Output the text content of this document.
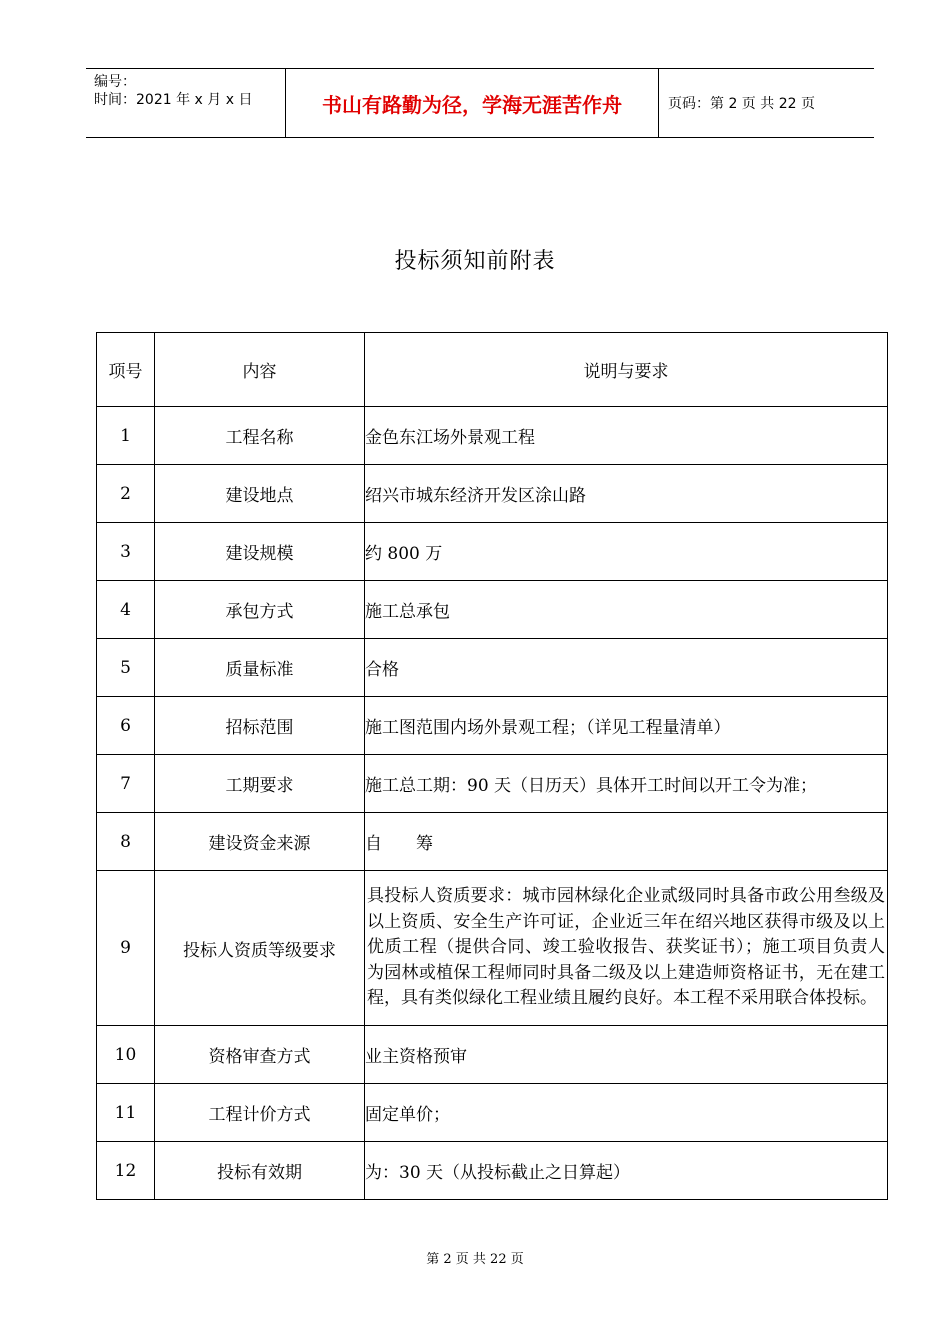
编号：
时间：2021 年 x 月 x 日	书山有路勤为径，学海无涯苦作舟	页码：第 2 页 共 22 页
投标须知前附表
项号	内容	说明与要求
1	工程名称	金色东江场外景观工程
2	建设地点	绍兴市城东经济开发区涂山路
3	建设规模	约 800 万
4	承包方式	施工总承包
5	质量标准	合格
6	招标范围	施工图范围内场外景观工程；（详见工程量清单）
7	工期要求	施工总工期：90 天（日历天）具体开工时间以开工令为准；
8	建设资金来源	自　　筹
9	投标人资质等级要求	具投标人资质要求：城市园林绿化企业贰级同时具备市政公用叁级及以上资质、安全生产许可证，企业近三年在绍兴地区获得市级及以上优质工程（提供合同、竣工验收报告、获奖证书）；施工项目负责人为园林或植保工程师同时具备二级及以上建造师资格证书，无在建工程，具有类似绿化工程业绩且履约良好。本工程不采用联合体投标。
10	资格审查方式	业主资格预审
11	工程计价方式	固定单价；
12	投标有效期	为：30 天（从投标截止之日算起）
第 2 页 共 22 页
